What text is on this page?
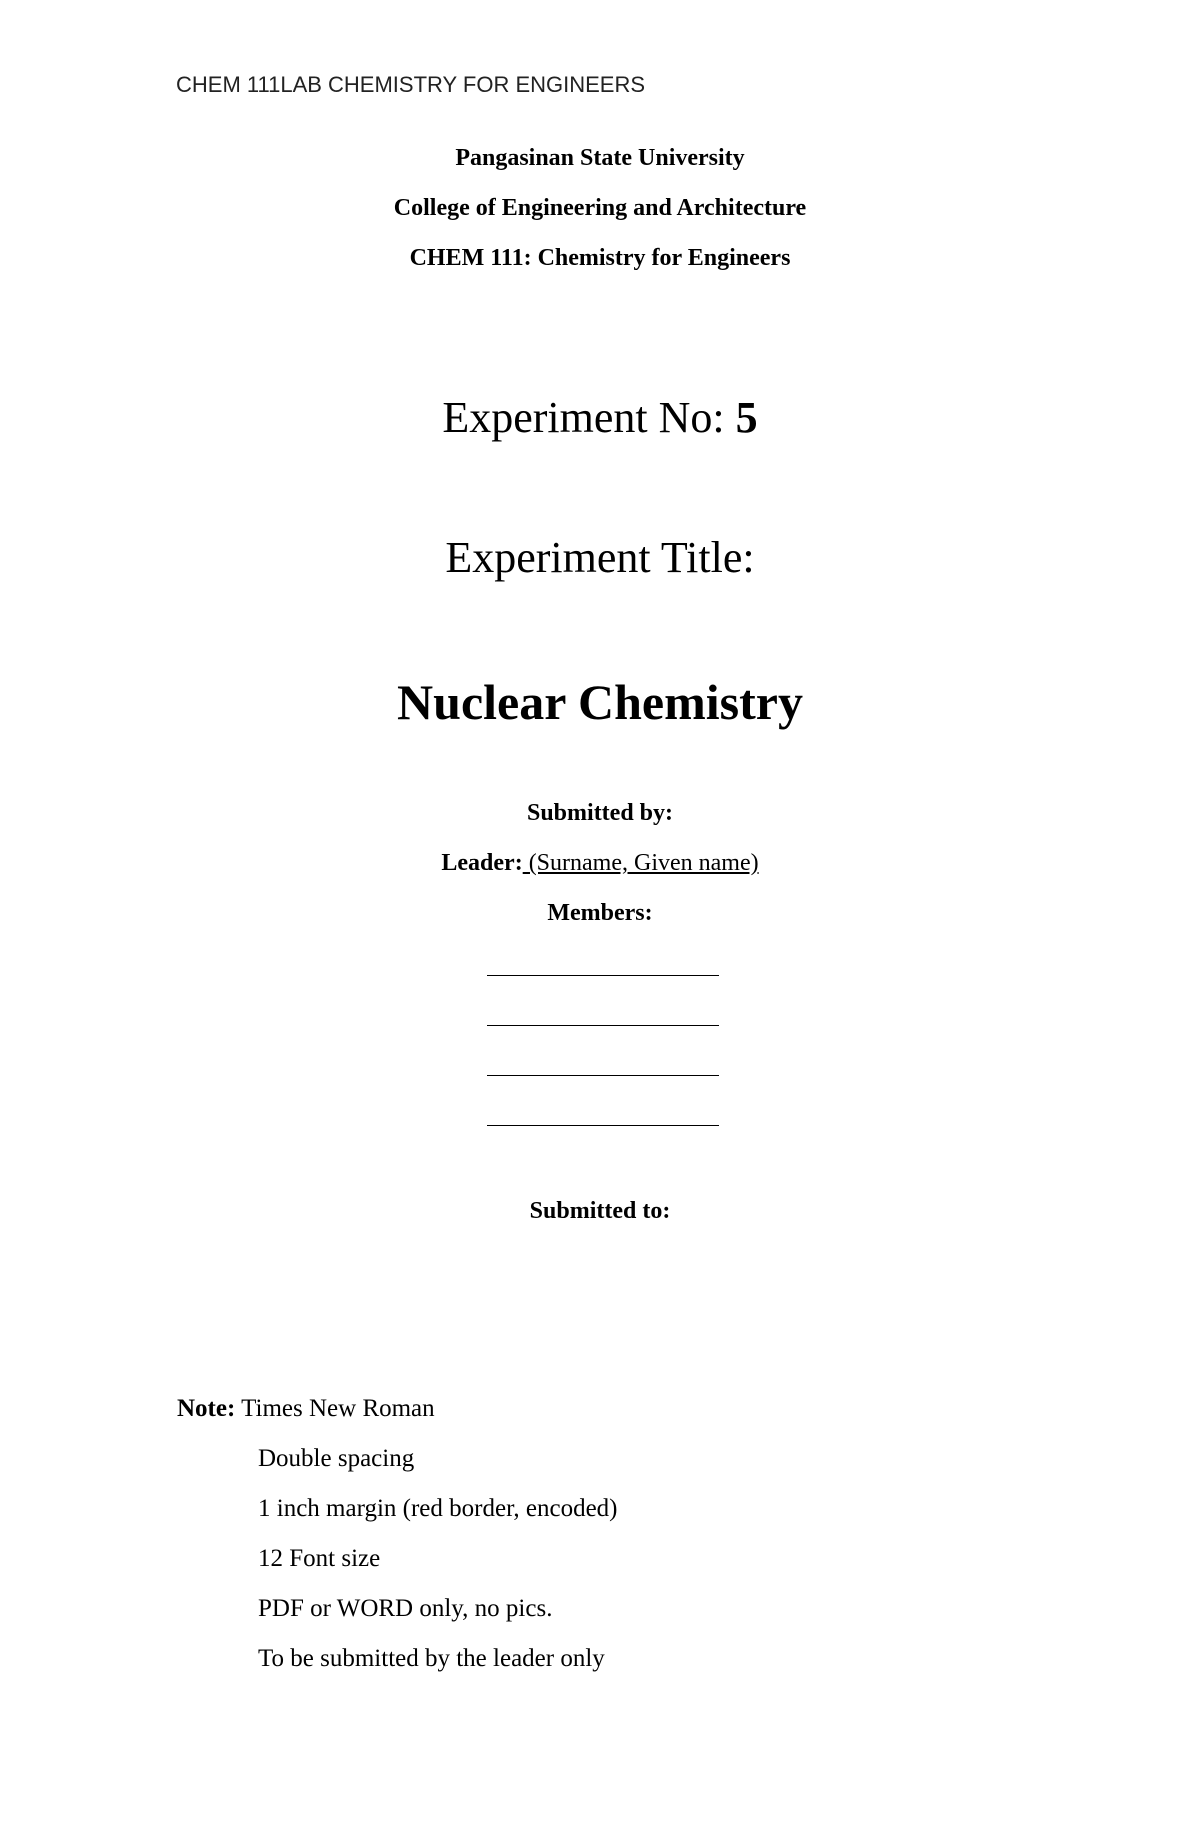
CHEM 111LAB CHEMISTRY FOR ENGINEERS
Pangasinan State University
College of Engineering and Architecture
CHEM 111: Chemistry for Engineers
Experiment No: 5
Experiment Title:
Nuclear Chemistry
Submitted by:
Leader: (Surname, Given name)
Members:
Submitted to:
Note: Times New Roman
Double spacing
1 inch margin (red border, encoded)
12 Font size
PDF or WORD only, no pics.
To be submitted by the leader only
